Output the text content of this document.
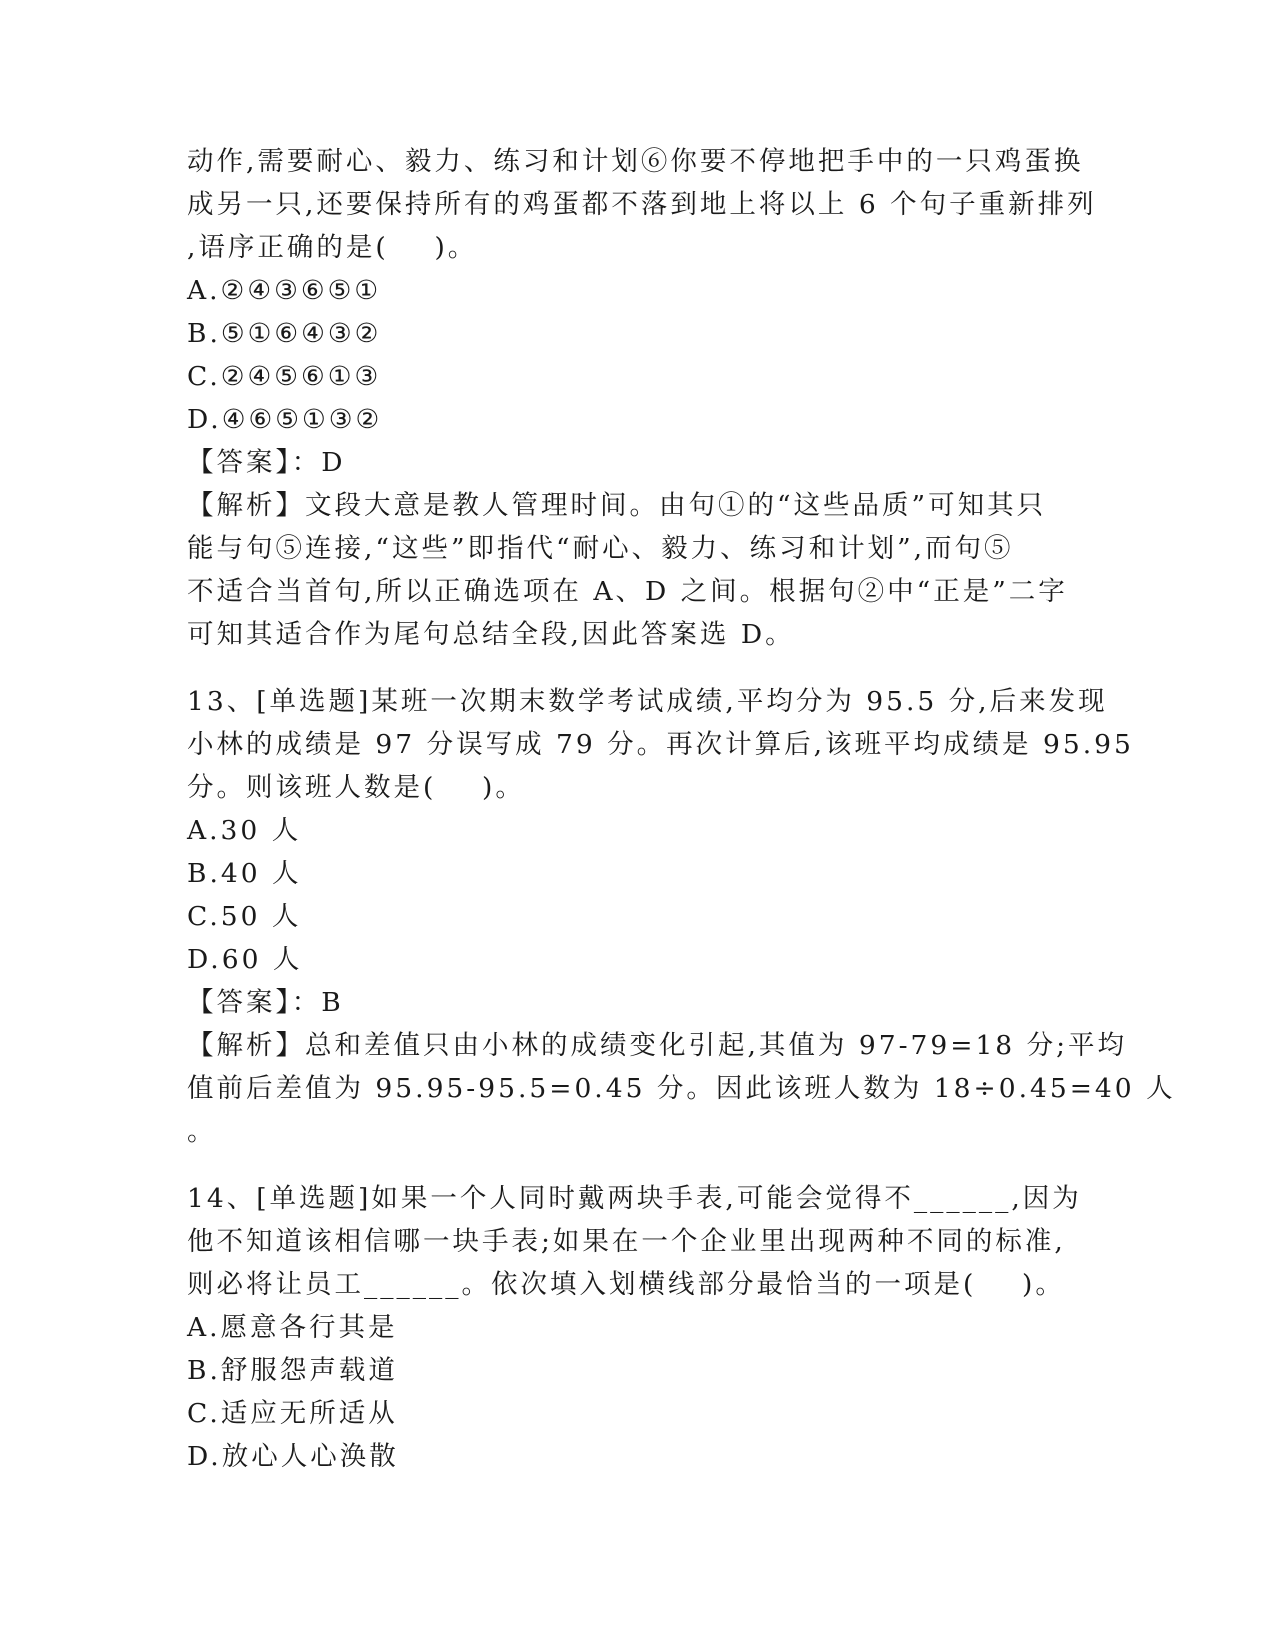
动作,需要耐心、毅力、练习和计划⑥你要不停地把手中的一只鸡蛋换
成另一只,还要保持所有的鸡蛋都不落到地上将以上 6 个句子重新排列
,语序正确的是(    )。
A.②④③⑥⑤①
B.⑤①⑥④③②
C.②④⑤⑥①③
D.④⑥⑤①③②
【答案】：D
【解析】文段大意是教人管理时间。由句①的“这些品质”可知其只
能与句⑤连接,“这些”即指代“耐心、毅力、练习和计划”,而句⑤
不适合当首句,所以正确选项在 A、D 之间。根据句②中“正是”二字
可知其适合作为尾句总结全段,因此答案选 D。
13、[单选题]某班一次期末数学考试成绩,平均分为 95.5 分,后来发现
小林的成绩是 97 分误写成 79 分。再次计算后,该班平均成绩是 95.95
分。则该班人数是(    )。
A.30 人
B.40 人
C.50 人
D.60 人
【答案】：B
【解析】总和差值只由小林的成绩变化引起,其值为 97-79=18 分;平均
值前后差值为 95.95-95.5=0.45 分。因此该班人数为 18÷0.45=40 人
。
14、[单选题]如果一个人同时戴两块手表,可能会觉得不______,因为
他不知道该相信哪一块手表;如果在一个企业里出现两种不同的标准,
则必将让员工______。依次填入划横线部分最恰当的一项是(    )。
A.愿意各行其是
B.舒服怨声载道
C.适应无所适从
D.放心人心涣散
